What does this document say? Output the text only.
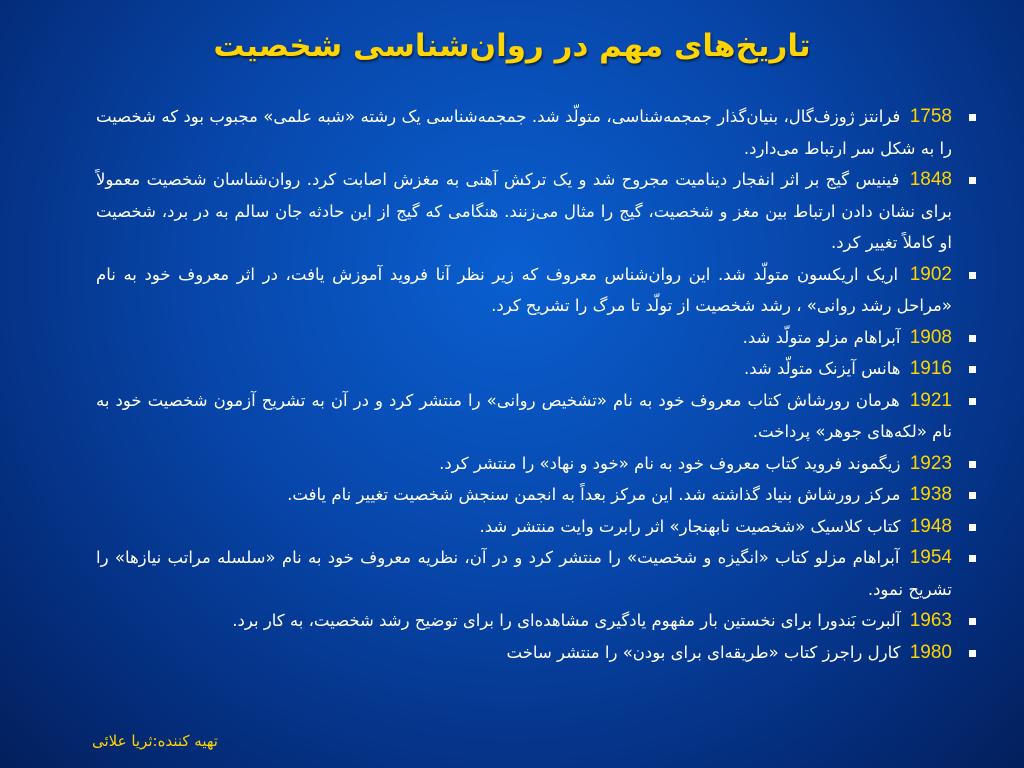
تاریخ‌های مهم در روان‌شناسی شخصیت
1758 فرانتز ژوزف‌گال، بنیان‌گذار جمجمه‌شناسی، متولّد شد. جمجمه‌شناسی یک رشته «شبه علمی» مجبوب بود که شخصیت را به شکل سر ارتباط می‌دارد.
1848 فینیس گیج بر اثر انفجار دینامیت مجروح شد و یک ترکش آهنی به مغزش اصابت کرد. روان‌شناسان شخصیت معمولاً برای نشان دادن ارتباط بین مغز و شخصیت، گیج را مثال می‌زنند. هنگامی که گیج از این حادثه جان سالم به در برد، شخصیت او کاملاً تغییر کرد.
1902 اریک اریکسون متولّد شد. این روان‌شناس معروف که زیر نظر آنا فروید آموزش یافت، در اثر معروف خود به نام «مراحل رشد روانی» ، رشد شخصیت از تولّد تا مرگ را تشریح کرد.
1908 آبراهام مزلو متولّد شد.
1916 هانس آیزنک متولّد شد.
1921 هرمان رورشاش کتاب معروف خود به نام «تشخیص روانی» را منتشر کرد و در آن به تشریح آزمون شخصیت خود به نام «لکه‌های جوهر» پرداخت.
1923 زیگموند فروید کتاب معروف خود به نام «خود و نهاد» را منتشر کرد.
1938 مرکز رورشاش بنیاد گذاشته شد. این مرکز بعداً به انجمن سنجش شخصیت تغییر نام یافت.
1948 کتاب کلاسیک «شخصیت نابهنجار» اثر رابرت وایت منتشر شد.
1954 آبراهام مزلو کتاب «انگیزه و شخصیت» را منتشر کرد و در آن، نظریه معروف خود به نام «سلسله مراتب نیازها» را تشریح نمود.
1963 آلبرت بَندورا برای نخستین بار مفهوم یادگیری مشاهده‌ای را برای توضیح رشد شخصیت، به کار برد.
1980 کارل راجرز کتاب «طریقه‌ای برای بودن» را منتشر ساخت
تهیه کننده:ثریا علائی
